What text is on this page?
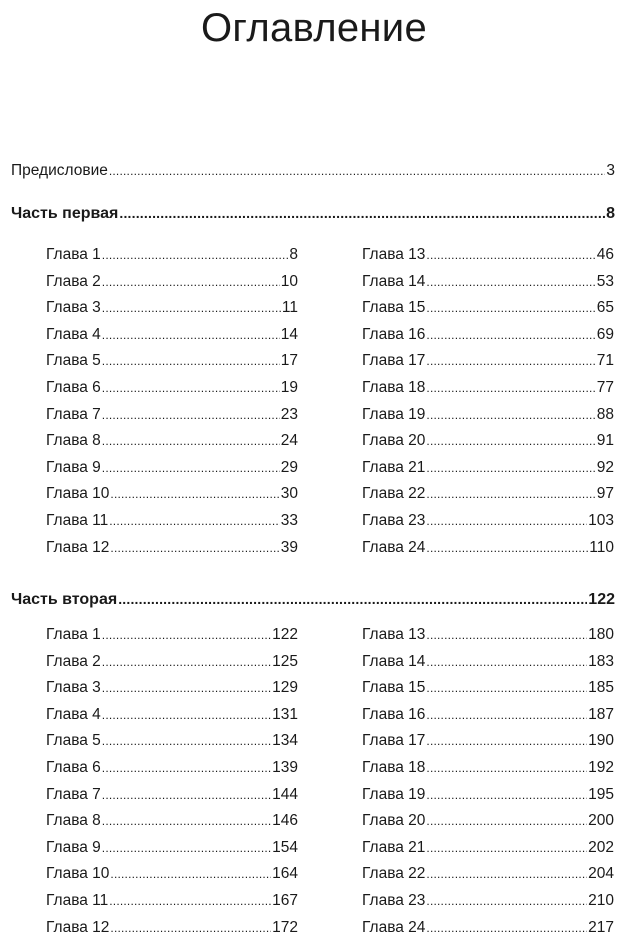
Оглавление
Предисловие .....	3
Часть первая .....	8
Глава 1 .....	8
Глава 2 .....	10
Глава 3 .....	11
Глава 4 .....	14
Глава 5 .....	17
Глава 6 .....	19
Глава 7 .....	23
Глава 8 .....	24
Глава 9 .....	29
Глава 10 .....	30
Глава 11 .....	33
Глава 12 .....	39
Глава 13 .....	46
Глава 14 .....	53
Глава 15 .....	65
Глава 16 .....	69
Глава 17 .....	71
Глава 18 .....	77
Глава 19 .....	88
Глава 20 .....	91
Глава 21 .....	92
Глава 22 .....	97
Глава 23 .....	103
Глава 24 .....	110
Часть вторая .....	122
Глава 1 .....	122
Глава 2 .....	125
Глава 3 .....	129
Глава 4 .....	131
Глава 5 .....	134
Глава 6 .....	139
Глава 7 .....	144
Глава 8 .....	146
Глава 9 .....	154
Глава 10 .....	164
Глава 11 .....	167
Глава 12 .....	172
Глава 13 .....	180
Глава 14 .....	183
Глава 15 .....	185
Глава 16 .....	187
Глава 17 .....	190
Глава 18 .....	192
Глава 19 .....	195
Глава 20 .....	200
Глава 21 .....	202
Глава 22 .....	204
Глава 23 .....	210
Глава 24 .....	217
